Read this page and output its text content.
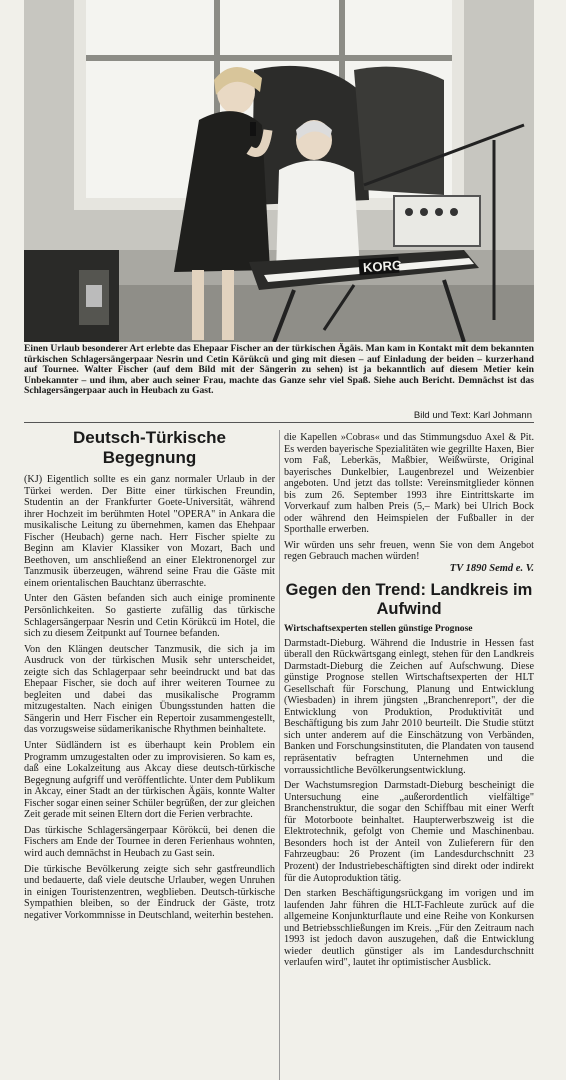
KORG
Einen Urlaub besonderer Art erlebte das Ehepaar Fischer an der türkischen Ägäis. Man kam in Kontakt mit dem bekannten türkischen Schlagersängerpaar Nesrin und Cetin Körükcü und ging mit diesen – auf Einladung der beiden – kurzerhand auf Tournee. Walter Fischer (auf dem Bild mit der Sängerin zu sehen) ist ja bekanntlich auf diesem Metier kein Unbekannter – und ihm, aber auch seiner Frau, machte das Ganze sehr viel Spaß. Siehe auch Bericht. Demnächst ist das Schlagersängerpaar auch in Heubach zu Gast.
Bild und Text: Karl Johmann
Deutsch-Türkische Begegnung

(KJ) Eigentlich sollte es ein ganz normaler Urlaub in der Türkei werden. Der Bitte einer türkischen Freundin, Studentin an der Frankfurter Goete-Universität, während ihrer Hochzeit im berühmten Hotel "OPERA" in Ankara die musikalische Leitung zu übernehmen, kamen das Ehehpaar Fischer (Heubach) gerne nach. Herr Fischer spielte zu Beginn am Klavier Klassiker von Mozart, Bach und Beethoven, um anschließend an einer Elektronenorgel zur Tanzmusik überzeugen, während seine Frau die Gäste mit einem orientalischen Bauchtanz überraschte.

Unter den Gästen befanden sich auch einige prominente Persönlichkeiten. So gastierte zufällig das türkische Schlagersängerpaar Nesrin und Cetin Körükcü im Hotel, die sich zu diesem Zeitpunkt auf Tournee befanden.

Von den Klängen deutscher Tanzmusik, die sich ja im Ausdruck von der türkischen Musik sehr unterscheidet, zeigte sich das Schlagerpaar sehr beeindruckt und bat das Ehepaar Fischer, sie doch auf ihrer weiteren Tournee zu begleiten und dabei das musikalische Programm mitzugestalten. Nach einigen Übungsstunden hatten die Sängerin und Herr Fischer ein Repertoir zusammengestellt, das vorzugsweise südamerikanische Rhythmen beinhaltete.

Unter Südländern ist es überhaupt kein Problem ein Programm umzugestalten oder zu improvisieren. So kam es, daß eine Lokalzeitung aus Akcay diese deutsch-türkische Begegnung aufgriff und veröffentlichte. Unter dem Publikum in Akcay, einer Stadt an der türkischen Ägäis, konnte Walter Fischer sogar einen seiner Schüler begrüßen, der zur gleichen Zeit gerade mit seinen Eltern dort die Ferien verbrachte.

Das türkische Schlagersängerpaar Körökcü, bei denen die Fischers am Ende der Tournee in deren Ferienhaus wohnten, wird auch demnächst in Heubach zu Gast sein.

Die türkische Bevölkerung zeigte sich sehr gastfreundlich und bedauerte, daß viele deutsche Urlauber, wegen Unruhen in einigen Touristenzentren, wegblieben. Deutsch-türkische Sympathien bleiben, so der Eindruck der Gäste, trotz negativer Vorkommnisse in Deutschland, weiterhin bestehen.

die Kapellen »Cobras« und das Stimmungsduo Axel & Pit. Es werden bayerische Spezialitäten wie gegrillte Haxen, Bier vom Faß, Leberkäs, Maßbier, Weißwürste, Original bayerisches Dunkelbier, Laugenbrezel und Weizenbier angeboten. Und jetzt das tollste: Vereinsmitglieder können bis zum 26. September 1993 ihre Eintrittskarte im Vorverkauf zum halben Preis (5,– Mark) bei Ulrich Bock oder während den Heimspielen der Fußballer in der Sporthalle erwerben.

Wir würden uns sehr freuen, wenn Sie von dem Angebot regen Gebrauch machen würden!

TV 1890 Semd e. V.
Gegen den Trend: Landkreis im Aufwind
Wirtschaftsexperten stellen günstige Prognose

Darmstadt-Dieburg. Während die Industrie in Hessen fast überall den Rückwärtsgang einlegt, stehen für den Landkreis Darmstadt-Dieburg die Zeichen auf Aufschwung. Diese günstige Prognose stellen Wirtschaftsexperten der HLT Gesellschaft für Forschung, Planung und Entwicklung (Wiesbaden) in ihrem jüngsten „Branchenreport", der die Entwicklung von Produktion, Produktivität und Beschäftigung bis zum Jahr 2010 beurteilt. Die Studie stützt sich unter anderem auf die Einschätzung von Verbänden, Banken und Forschungsinstituten, die Plandaten von tausend repräsentativ befragten Unternehmen und die vorraussichtliche Bevölkerungsentwicklung.

Der Wachstumsregion Darmstadt-Dieburg bescheinigt die Untersuchung eine „außerordentlich vielfältige" Branchenstruktur, die sogar den Schiffbau mit einer Werft für Motorboote beinhaltet. Haupterwerbszweig ist die Elektrotechnik, gefolgt von Chemie und Maschinenbau. Besonders hoch ist der Anteil von Zulieferern für den Fahrzeugbau: 26 Prozent (im Landesdurchschnitt 23 Prozent) der Industriebeschäftigten sind direkt oder indirekt für die Autoproduktion tätig.

Den starken Beschäftigungsrückgang im vorigen und im laufenden Jahr führen die HLT-Fachleute zurück auf die allgemeine Konjunkturflaute und eine Reihe von Konkursen und Betriebsschließungen im Kreis. „Für den Zeitraum nach 1993 ist jedoch davon auszugehen, daß die Entwicklung wieder deutlich günstiger als im Landesdurchschnitt verlaufen wird", lautet ihr optimistischer Ausblick.
